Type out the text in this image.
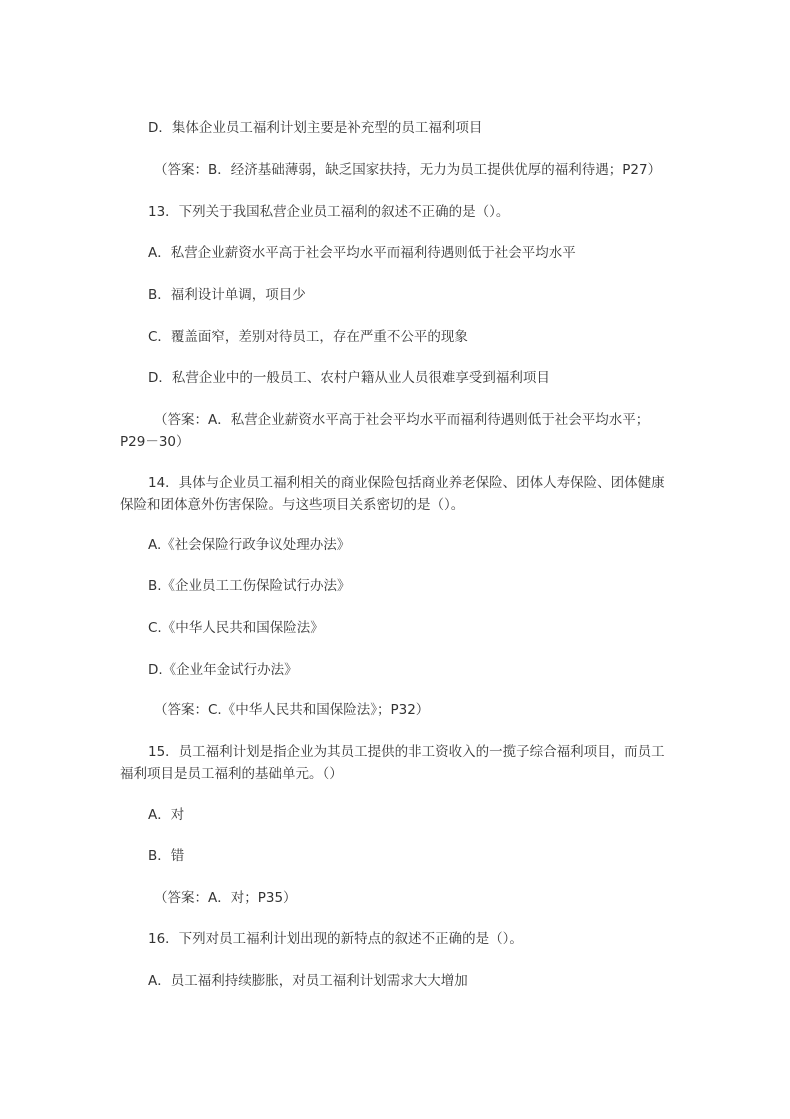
D．集体企业员工福利计划主要是补充型的员工福利项目

（答案：B．经济基础薄弱，缺乏国家扶持，无力为员工提供优厚的福利待遇；P27）

13．下列关于我国私营企业员工福利的叙述不正确的是（）。

A．私营企业薪资水平高于社会平均水平而福利待遇则低于社会平均水平

B．福利设计单调，项目少

C．覆盖面窄，差别对待员工，存在严重不公平的现象

D．私营企业中的一般员工、农村户籍从业人员很难享受到福利项目

（答案：A．私营企业薪资水平高于社会平均水平而福利待遇则低于社会平均水平；P29－30）

14．具体与企业员工福利相关的商业保险包括商业养老保险、团体人寿保险、团体健康保险和团体意外伤害保险。与这些项目关系密切的是（）。

A.《社会保险行政争议处理办法》

B.《企业员工工伤保险试行办法》

C.《中华人民共和国保险法》

D.《企业年金试行办法》

（答案：C.《中华人民共和国保险法》；P32）

15．员工福利计划是指企业为其员工提供的非工资收入的一揽子综合福利项目，而员工福利项目是员工福利的基础单元。（）

A．对

B．错

（答案：A．对；P35）

16．下列对员工福利计划出现的新特点的叙述不正确的是（）。

A．员工福利持续膨胀，对员工福利计划需求大大增加
